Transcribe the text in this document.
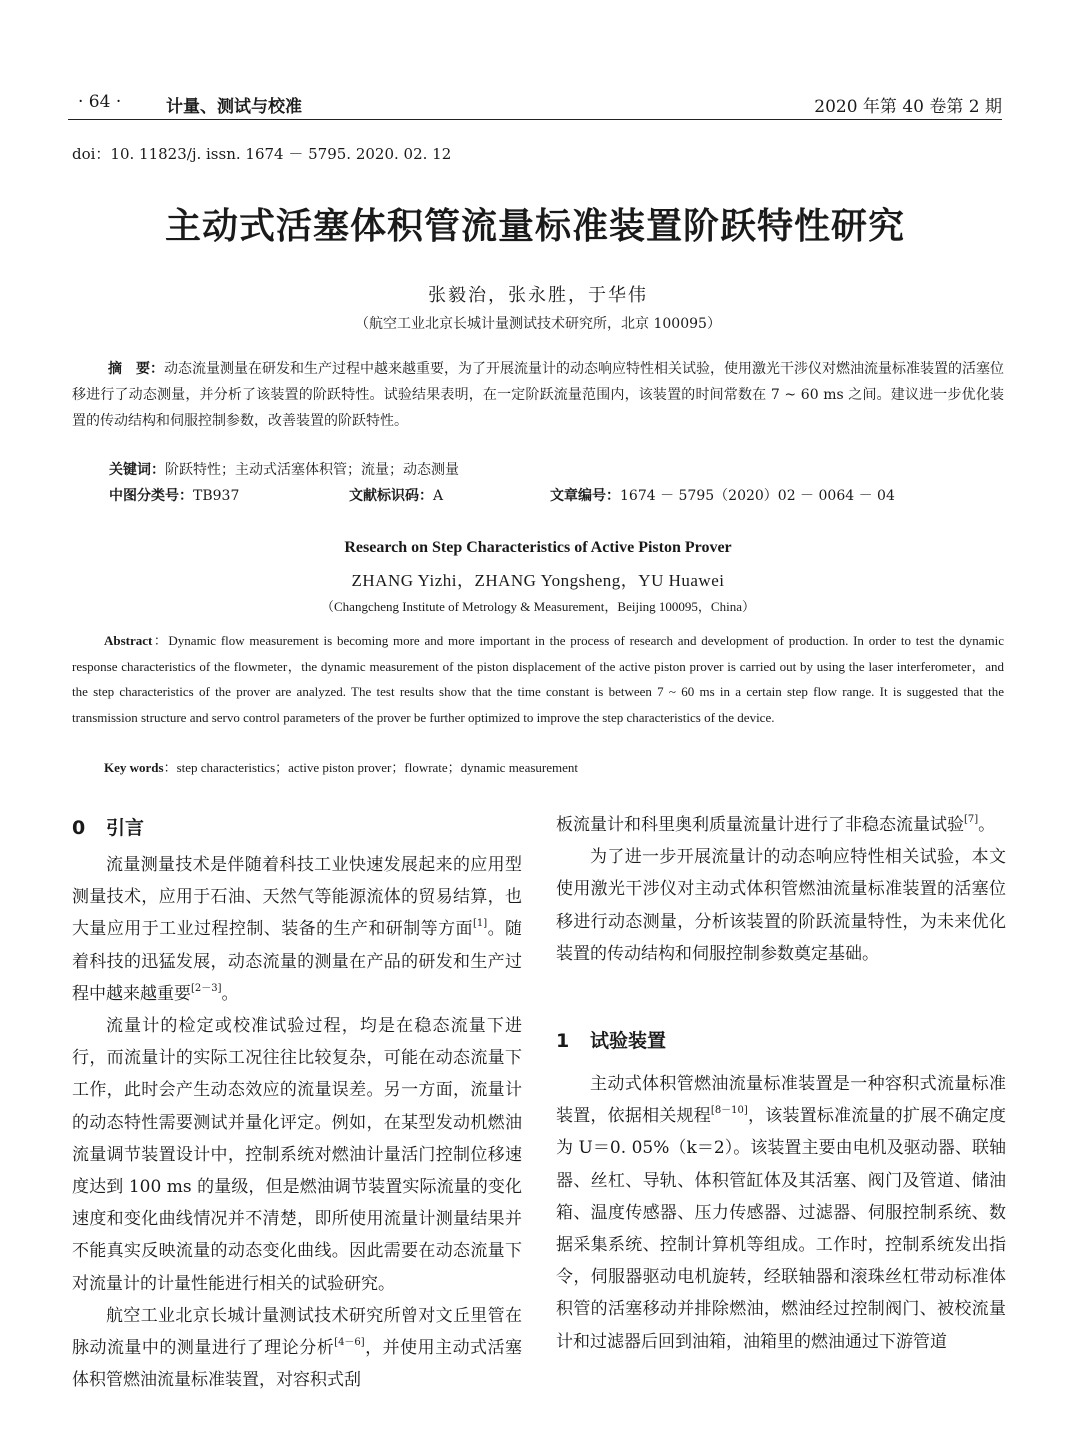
· 64 ·	计量、测试与校准	2020 年第 40 卷第 2 期
doi：10. 11823/j. issn. 1674 － 5795. 2020. 02. 12
主动式活塞体积管流量标准装置阶跃特性研究
张毅治，张永胜，于华伟
（航空工业北京长城计量测试技术研究所，北京 100095）
摘　要：动态流量测量在研发和生产过程中越来越重要，为了开展流量计的动态响应特性相关试验，使用激光干涉仪对燃油流量标准装置的活塞位移进行了动态测量，并分析了该装置的阶跃特性。试验结果表明，在一定阶跃流量范围内，该装置的时间常数在 7 ~ 60 ms 之间。建议进一步优化装置的传动结构和伺服控制参数，改善装置的阶跃特性。
关键词：阶跃特性；主动式活塞体积管；流量；动态测量
中图分类号：TB937	文献标识码：A	文章编号：1674 － 5795（2020）02 － 0064 － 04
Research on Step Characteristics of Active Piston Prover
ZHANG Yizhi，ZHANG Yongsheng，YU Huawei
（Changcheng Institute of Metrology & Measurement，Beijing 100095，China）
Abstract：Dynamic flow measurement is becoming more and more important in the process of research and development of production. In order to test the dynamic response characteristics of the flowmeter，the dynamic measurement of the piston displacement of the active piston prover is carried out by using the laser interferometer，and the step characteristics of the prover are analyzed. The test results show that the time constant is between 7 ~ 60 ms in a certain step flow range. It is suggested that the transmission structure and servo control parameters of the prover be further optimized to improve the step characteristics of the device.
Key words：step characteristics；active piston prover；flowrate；dynamic measurement
0 引言

流量测量技术是伴随着科技工业快速发展起来的应用型测量技术，应用于石油、天然气等能源流体的贸易结算，也大量应用于工业过程控制、装备的生产和研制等方面[1]。随着科技的迅猛发展，动态流量的测量在产品的研发和生产过程中越来越重要[2－3]。

流量计的检定或校准试验过程，均是在稳态流量下进行，而流量计的实际工况往往比较复杂，可能在动态流量下工作，此时会产生动态效应的流量误差。另一方面，流量计的动态特性需要测试并量化评定。例如，在某型发动机燃油流量调节装置设计中，控制系统对燃油计量活门控制位移速度达到 100 ms 的量级，但是燃油调节装置实际流量的变化速度和变化曲线情况并不清楚，即所使用流量计测量结果并不能真实反映流量的动态变化曲线。因此需要在动态流量下对流量计的计量性能进行相关的试验研究。

航空工业北京长城计量测试技术研究所曾对文丘里管在脉动流量中的测量进行了理论分析[4－6]，并使用主动式活塞体积管燃油流量标准装置，对容积式刮

板流量计和科里奥利质量流量计进行了非稳态流量试验[7]。

为了进一步开展流量计的动态响应特性相关试验，本文使用激光干涉仪对主动式体积管燃油流量标准装置的活塞位移进行动态测量，分析该装置的阶跃流量特性，为未来优化装置的传动结构和伺服控制参数奠定基础。

1 试验装置

主动式体积管燃油流量标准装置是一种容积式流量标准装置，依据相关规程[8－10]，该装置标准流量的扩展不确定度为 U＝0. 05%（k＝2）。该装置主要由电机及驱动器、联轴器、丝杠、导轨、体积管缸体及其活塞、阀门及管道、储油箱、温度传感器、压力传感器、过滤器、伺服控制系统、数据采集系统、控制计算机等组成。工作时，控制系统发出指令，伺服器驱动电机旋转，经联轴器和滚珠丝杠带动标准体积管的活塞移动并排除燃油，燃油经过控制阀门、被校流量计和过滤器后回到油箱，油箱里的燃油通过下游管道
